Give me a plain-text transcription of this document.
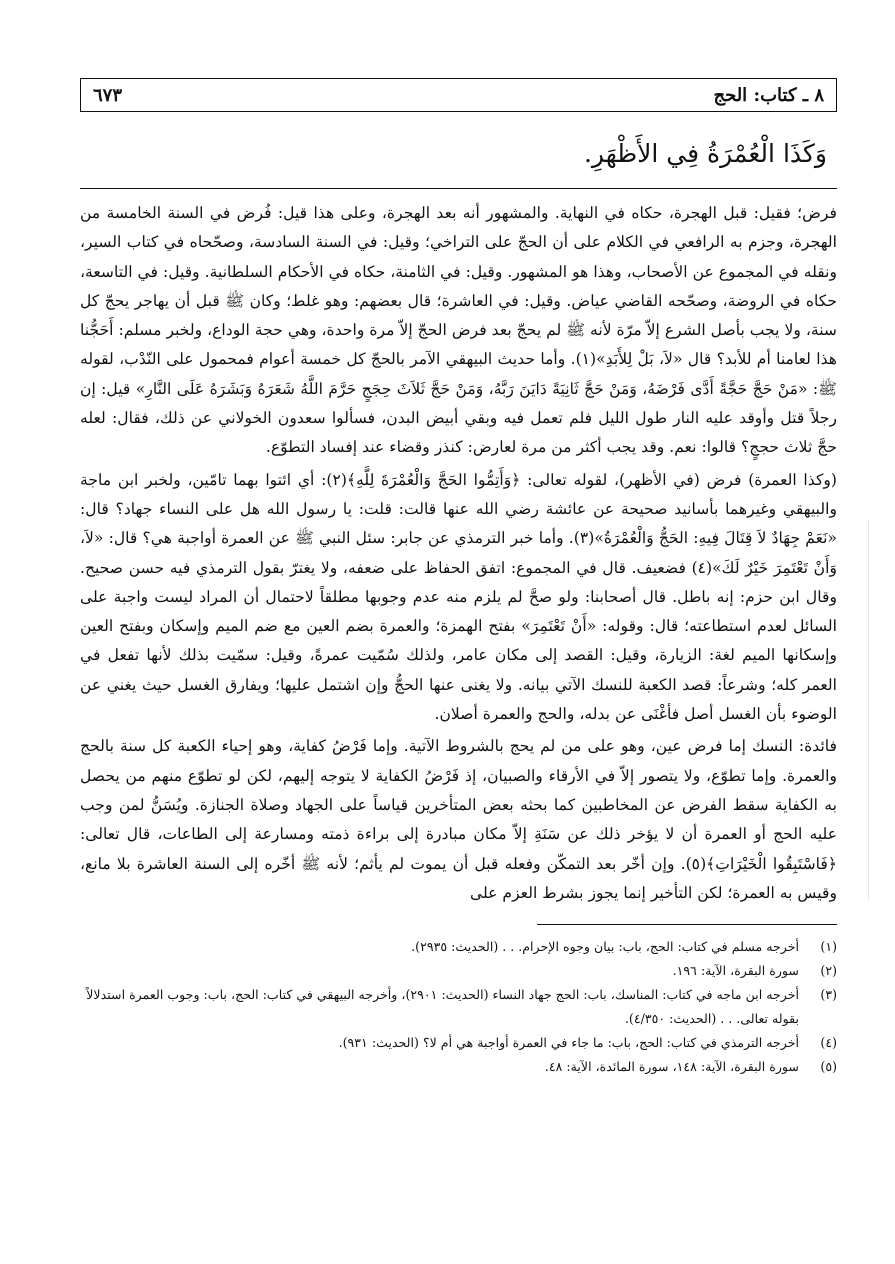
٨ ـ كتاب: الحج
٦٧٣
وَكَذَا الْعُمْرَةُ فِي الأَظْهَرِ.

فرض؛ فقيل: قبل الهجرة، حكاه في النهاية. والمشهور أنه بعد الهجرة، وعلى هذا قيل: فُرض في السنة الخامسة من الهجرة، وجزم به الرافعي في الكلام على أن الحجّ على التراخي؛ وقيل: في السنة السادسة، وصحّحاه في كتاب السير، ونقله في المجموع عن الأصحاب، وهذا هو المشهور. وقيل: في الثامنة، حكاه في الأحكام السلطانية. وقيل: في التاسعة، حكاه في الروضة، وصحّحه القاضي عياض. وقيل: في العاشرة؛ قال بعضهم: وهو غلط؛ وكان ﷺ قبل أن يهاجر يحجّ كل سنة، ولا يجب بأصل الشرع إلاّ مرّة لأنه ﷺ لم يحجّ بعد فرض الحجّ إلاّ مرة واحدة، وهي حجة الوداع، ولخبر مسلم: أَحَجُّنا هذا لعامنا أم للأبد؟ قال «لاَ، بَلْ لِلأَبَدِ»(١). وأما حديث البيهقي الآمر بالحجّ كل خمسة أعوام فمحمول على النّدْب، لقوله ﷺ: «مَنْ حَجَّ حَجَّةً أَدَّى فَرْضَهُ، وَمَنْ حَجَّ ثَانِيَةً دَايَنَ رَبَّهُ، وَمَنْ حَجَّ ثَلاَثَ حِجَجٍ حَرَّمَ اللَّهُ شَعَرَهُ وَبَشَرَهُ عَلَى النَّارِ» قيل: إن رجلاً قتل وأوقد عليه النار طول الليل فلم تعمل فيه وبقي أبيض البدن، فسألوا سعدون الخولاني عن ذلك، فقال: لعله حجَّ ثلاث حججٍ؟ قالوا: نعم. وقد يجب أكثر من مرة لعارض: كنذر وقضاء عند إفساد التطوّع.

(وكذا العمرة) فرض (في الأظهر)، لقوله تعالى: ﴿وَأَتِمُّوا الحَجَّ وَالْعُمْرَةَ لِلَّهِ﴾(٢): أي ائتوا بهما تامّين، ولخبر ابن ماجة والبيهقي وغيرهما بأسانيد صحيحة عن عائشة رضي الله عنها قالت: قلت: يا رسول الله هل على النساء جهاد؟ قال: «نَعَمْ جِهَادٌ لاَ قِتَالَ فِيهِ: الحَجُّ وَالْعُمْرَةُ»(٣). وأما خبر الترمذي عن جابر: سئل النبي ﷺ عن العمرة أواجبة هي؟ قال: «لاَ، وَأَنْ تَعْتَمِرَ خَيْرٌ لَكَ»(٤) فضعيف. قال في المجموع: اتفق الحفاظ على ضعفه، ولا يغترّ بقول الترمذي فيه حسن صحيح. وقال ابن حزم: إنه باطل. قال أصحابنا: ولو صحَّ لم يلزم منه عدم وجوبها مطلقاً لاحتمال أن المراد ليست واجبة على السائل لعدم استطاعته؛ قال: وقوله: «أَنْ تَعْتَمِرَ» بفتح الهمزة؛ والعمرة بضم العين مع ضم الميم وإسكان وبفتح العين وإسكانها الميم لغة: الزيارة، وقيل: القصد إلى مكان عامر، ولذلك سُمّيت عمرةً، وقيل: سمّيت بذلك لأنها تفعل في العمر كله؛ وشرعاً: قصد الكعبة للنسك الآتي بيانه. ولا يغنى عنها الحجُّ وإن اشتمل عليها؛ ويفارق الغسل حيث يغني عن الوضوء بأن الغسل أصل فأغْنَى عن بدله، والحج والعمرة أصلان.

فائدة: النسك إما فرض عين، وهو على من لم يحج بالشروط الآتية. وإما فَرْضُ كفاية، وهو إحياء الكعبة كل سنة بالحج والعمرة. وإما تطوّع، ولا يتصور إلاّ في الأرقاء والصبيان، إذ فَرْضُ الكفاية لا يتوجه إليهم، لكن لو تطوّع منهم من يحصل به الكفاية سقط الفرض عن المخاطبين كما بحثه بعض المتأخرين قياساً على الجهاد وصلاة الجنازة. ويُسَنُّ لمن وجب عليه الحج أو العمرة أن لا يؤخر ذلك عن سَنَةِ إلاّ مكان مبادرة إلى براءة ذمته ومسارعة إلى الطاعات، قال تعالى: ﴿فَاسْتَبِقُوا الْخَيْرَاتِ﴾(٥). وإن أخّر بعد التمكّن وفعله قبل أن يموت لم يأثم؛ لأنه ﷺ أخّره إلى السنة العاشرة بلا مانع، وقيس به العمرة؛ لكن التأخير إنما يجوز بشرط العزم على

(١)
أخرجه مسلم في كتاب: الحج، باب: بيان وجوه الإحرام. . . (الحديث: ٢٩٣٥).
(٢)
سورة البقرة، الآية: ١٩٦.
(٣)
أخرجه ابن ماجه في كتاب: المناسك، باب: الحج جهاد النساء (الحديث: ٢٩٠١)، وأخرجه البيهقي في كتاب: الحج، باب: وجوب العمرة استدلالاً بقوله تعالى. . . (الحديث: ٤/٣٥٠).
(٤)
أخرجه الترمذي في كتاب: الحج، باب: ما جاء في العمرة أواجبة هي أم لا؟ (الحديث: ٩٣١).
(٥)
سورة البقرة، الآية: ١٤٨، سورة المائدة، الآية: ٤٨.
